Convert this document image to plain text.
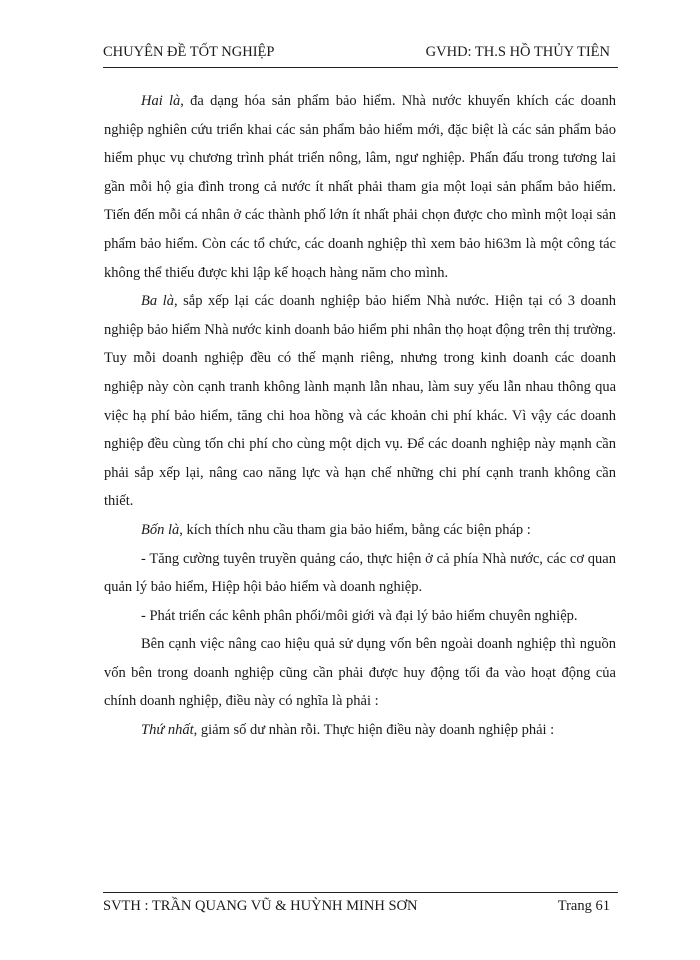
CHUYÊN ĐỀ TỐT NGHIỆP	GVHD: TH.S HỒ THỦY TIÊN

Hai là, đa dạng hóa sản phẩm bảo hiểm. Nhà nước khuyến khích các doanh nghiệp nghiên cứu triển khai các sản phẩm bảo hiểm mới, đặc biệt là các sản phẩm bảo hiểm phục vụ chương trình phát triển nông, lâm, ngư nghiệp. Phấn đấu trong tương lai gần mỗi hộ gia đình trong cả nước ít nhất phải tham gia một loại sản phẩm bảo hiểm. Tiến đến mỗi cá nhân ở các thành phố lớn ít nhất phải chọn được cho mình một loại sản phẩm bảo hiểm. Còn các tổ chức, các doanh nghiệp thì xem bảo hi63m là một công tác không thể thiếu được khi lập kế hoạch hàng năm cho mình.

Ba là, sắp xếp lại các doanh nghiệp bảo hiểm Nhà nước. Hiện tại có 3 doanh nghiệp bảo hiểm Nhà nước kinh doanh bảo hiểm phi nhân thọ hoạt động trên thị trường. Tuy mỗi doanh nghiệp đều có thế mạnh riêng, nhưng trong kinh doanh các doanh nghiệp này còn cạnh tranh không lành mạnh lẫn nhau, làm suy yếu lẫn nhau thông qua việc hạ phí bảo hiểm, tăng chi hoa hồng và các khoản chi phí khác. Vì vậy các doanh nghiệp đều cùng tốn chi phí cho cùng một dịch vụ. Để các doanh nghiệp này mạnh cần phải sắp xếp lại, nâng cao năng lực và hạn chế những chi phí cạnh tranh không cần thiết.

Bốn là, kích thích nhu cầu tham gia bảo hiểm, bằng các biện pháp :

- Tăng cường tuyên truyền quảng cáo, thực hiện ở cả phía Nhà nước, các cơ quan quản lý bảo hiểm, Hiệp hội bảo hiểm và doanh nghiệp.

- Phát triển các kênh phân phối/môi giới và đại lý bảo hiểm chuyên nghiệp.

Bên cạnh việc nâng cao hiệu quả sử dụng vốn bên ngoài doanh nghiệp thì nguồn vốn bên trong doanh nghiệp cũng cần phải được huy động tối đa vào hoạt động của chính doanh nghiệp, điều này có nghĩa là phải :

Thứ nhất, giảm số dư nhàn rỗi. Thực hiện điều này doanh nghiệp phải :

SVTH : TRẦN QUANG VŨ & HUỲNH MINH SƠN	Trang 61
